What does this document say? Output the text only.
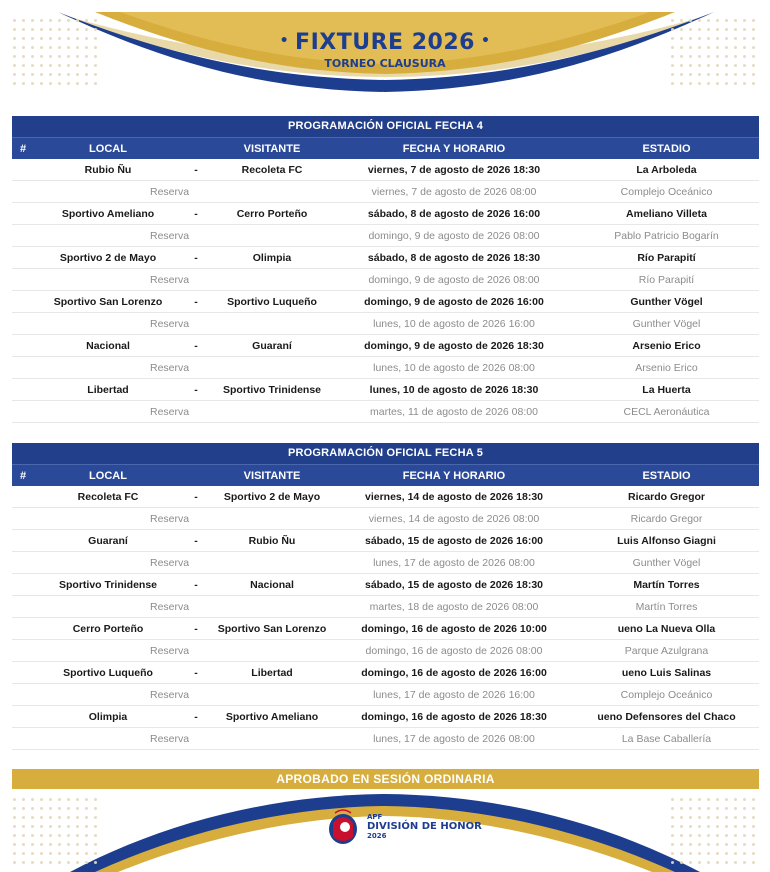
• FIXTURE 2026 •
TORNEO CLAUSURA
PROGRAMACIÓN OFICIAL FECHA 4
#	LOCAL	VISITANTE	FECHA Y HORARIO	ESTADIO
Rubio Ñu	-	Recoleta FC	viernes, 7 de agosto de 2026 18:30	La Arboleda
Reserva	viernes, 7 de agosto de 2026 08:00	Complejo Oceánico
Sportivo Ameliano	-	Cerro Porteño	sábado, 8 de agosto de 2026 16:00	Ameliano Villeta
Reserva	domingo, 9 de agosto de 2026 08:00	Pablo Patricio Bogarín
Sportivo 2 de Mayo	-	Olimpia	sábado, 8 de agosto de 2026 18:30	Río Parapití
Reserva	domingo, 9 de agosto de 2026 08:00	Río Parapití
Sportivo San Lorenzo	-	Sportivo Luqueño	domingo, 9 de agosto de 2026 16:00	Gunther Vögel
Reserva	lunes, 10 de agosto de 2026 16:00	Gunther Vögel
Nacional	-	Guaraní	domingo, 9 de agosto de 2026 18:30	Arsenio Erico
Reserva	lunes, 10 de agosto de 2026 08:00	Arsenio Erico
Libertad	-	Sportivo Trinidense	lunes, 10 de agosto de 2026 18:30	La Huerta
Reserva	martes, 11 de agosto de 2026 08:00	CECL Aeronáutica
PROGRAMACIÓN OFICIAL FECHA 5
#	LOCAL	VISITANTE	FECHA Y HORARIO	ESTADIO
Recoleta FC	-	Sportivo 2 de Mayo	viernes, 14 de agosto de 2026 18:30	Ricardo Gregor
Reserva	viernes, 14 de agosto de 2026 08:00	Ricardo Gregor
Guaraní	-	Rubio Ñu	sábado, 15 de agosto de 2026 16:00	Luis Alfonso Giagni
Reserva	lunes, 17 de agosto de 2026 08:00	Gunther Vögel
Sportivo Trinidense	-	Nacional	sábado, 15 de agosto de 2026 18:30	Martín Torres
Reserva	martes, 18 de agosto de 2026 08:00	Martín Torres
Cerro Porteño	-	Sportivo San Lorenzo	domingo, 16 de agosto de 2026 10:00	ueno La Nueva Olla
Reserva	domingo, 16 de agosto de 2026 08:00	Parque Azulgrana
Sportivo Luqueño	-	Libertad	domingo, 16 de agosto de 2026 16:00	ueno Luis Salinas
Reserva	lunes, 17 de agosto de 2026 16:00	Complejo Oceánico
Olimpia	-	Sportivo Ameliano	domingo, 16 de agosto de 2026 18:30	ueno Defensores del Chaco
Reserva	lunes, 17 de agosto de 2026 08:00	La Base Caballería
APROBADO EN SESIÓN ORDINARIA
APF
DIVISIÓN DE HONOR
2026
